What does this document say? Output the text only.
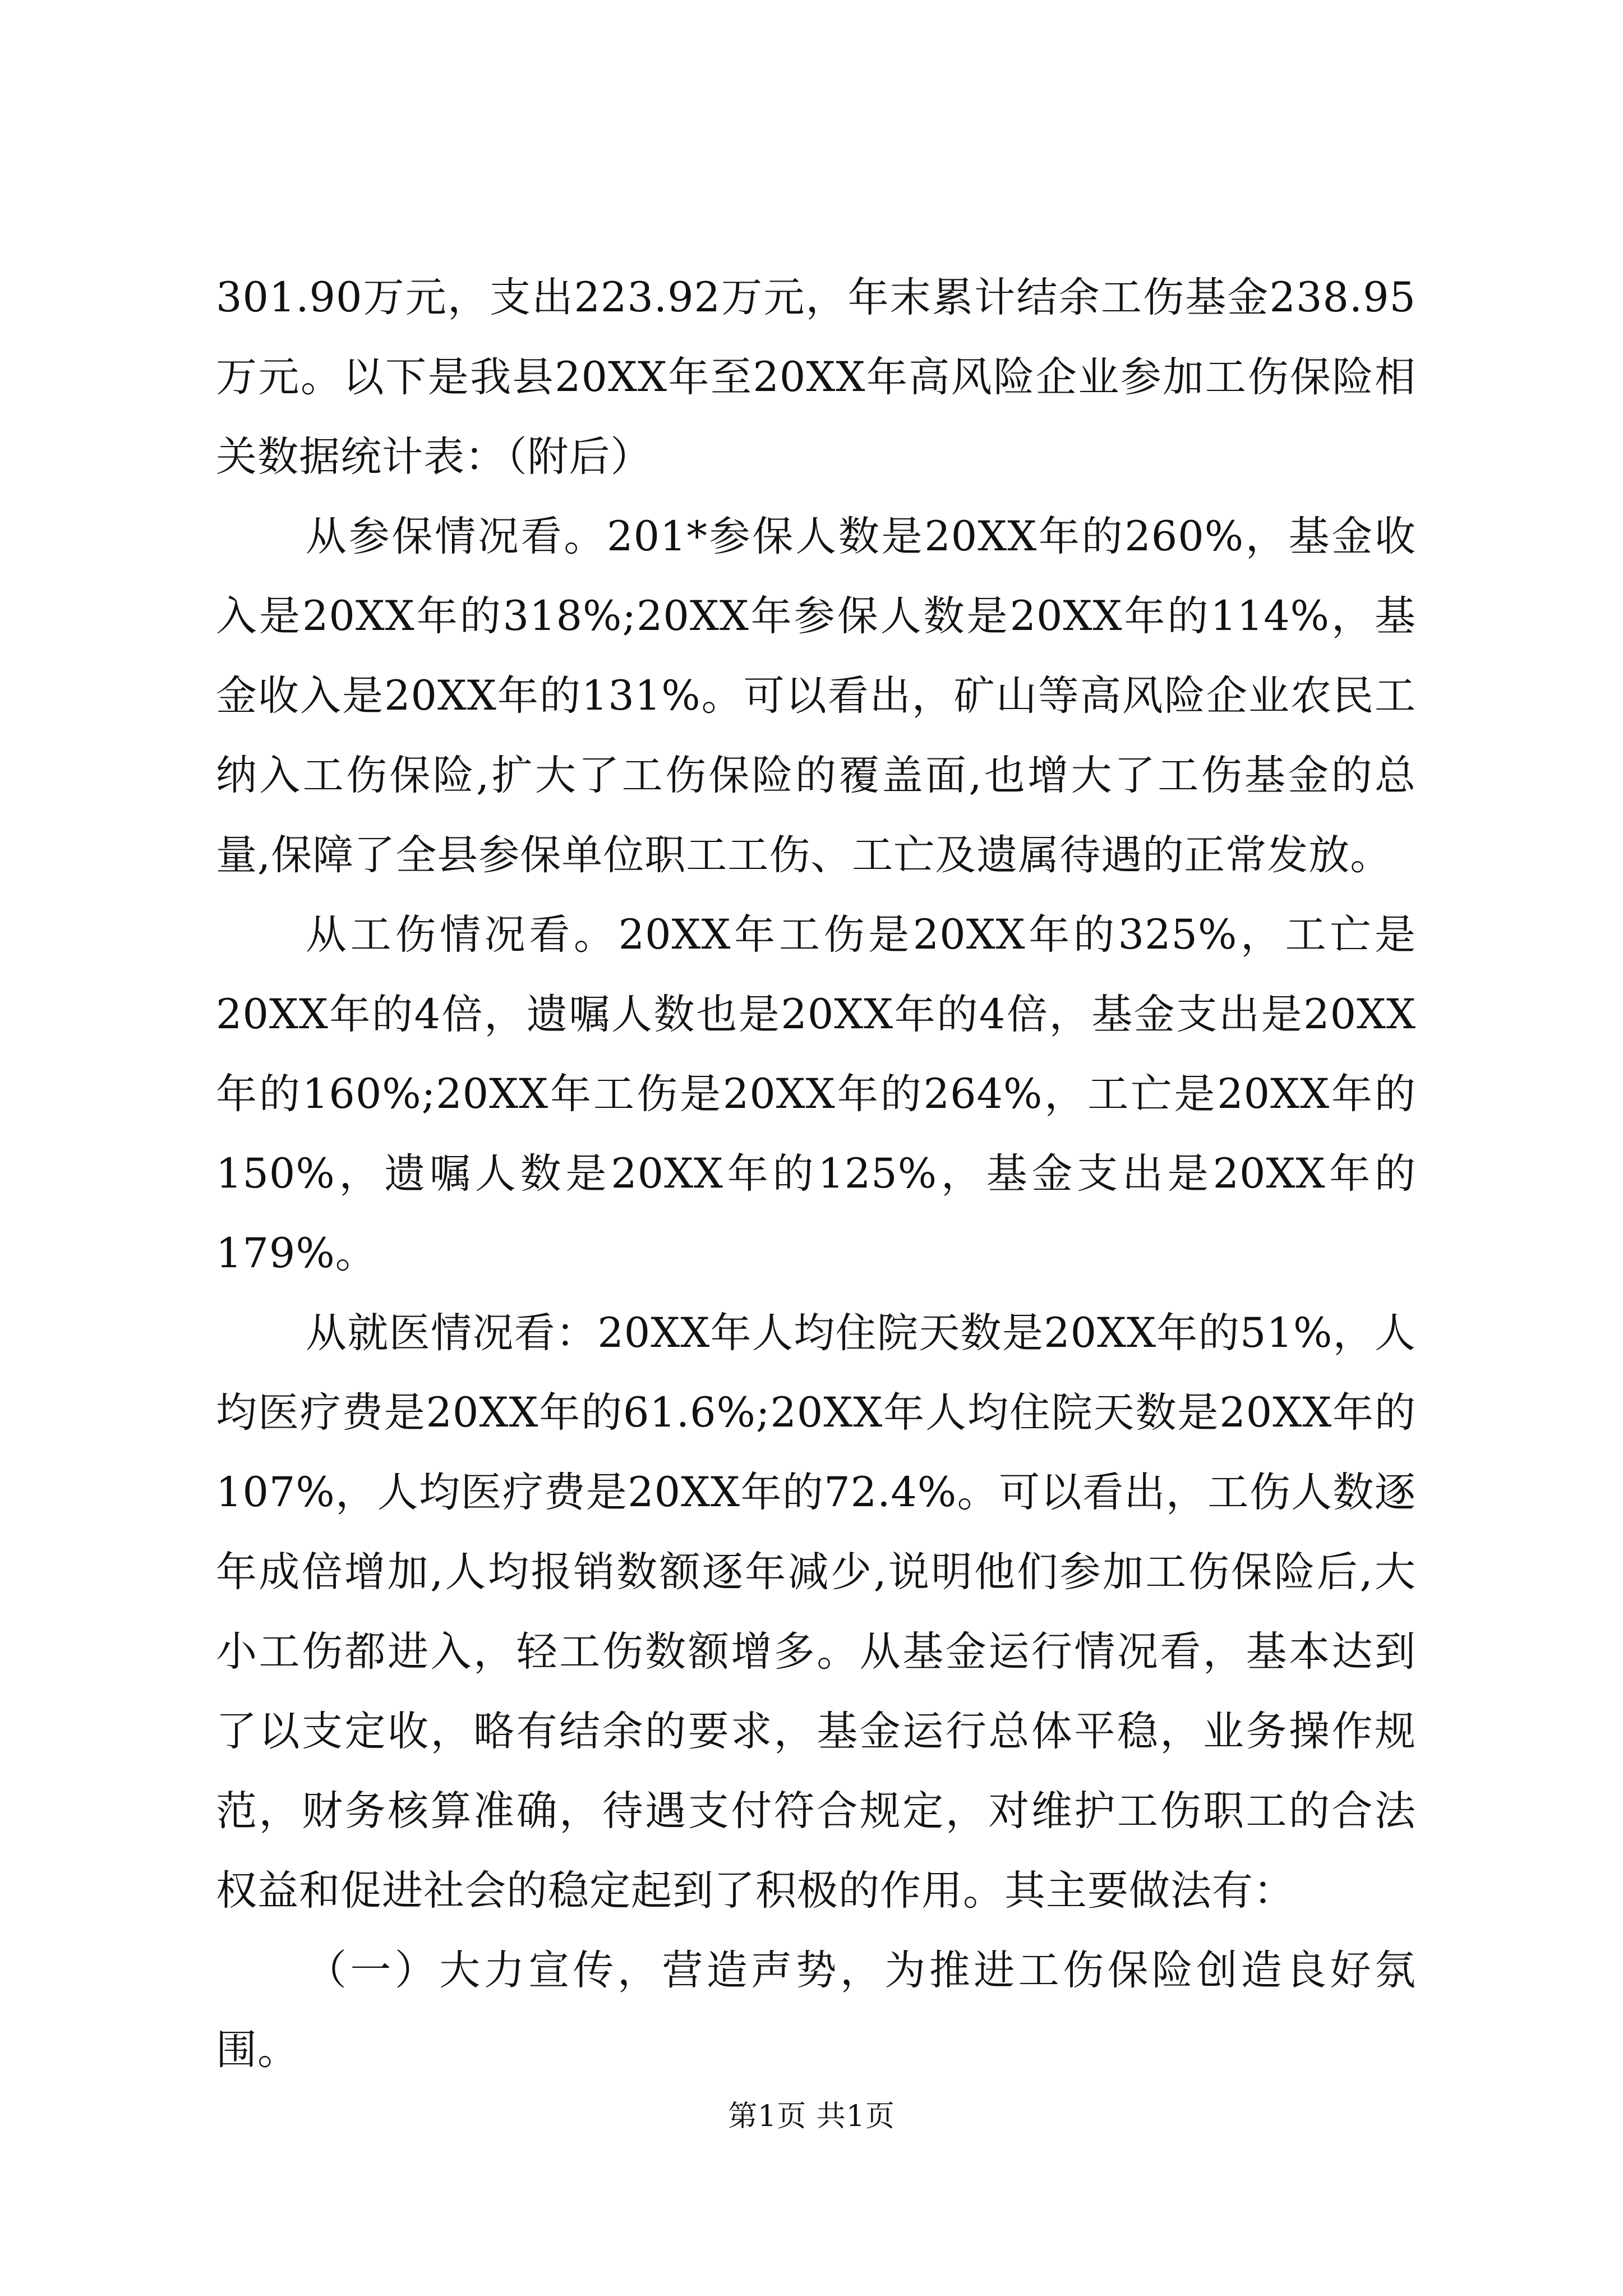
301.90万元，支出223.92万元，年末累计结余工伤基金238.95万元。以下是我县20XX年至20XX年高风险企业参加工伤保险相关数据统计表：（附后）

从参保情况看。201*参保人数是20XX年的260%，基金收入是20XX年的318%;20XX年参保人数是20XX年的114%，基金收入是20XX年的131%。可以看出，矿山等高风险企业农民工纳入工伤保险,扩大了工伤保险的覆盖面,也增大了工伤基金的总量,保障了全县参保单位职工工伤、工亡及遗属待遇的正常发放。

从工伤情况看。20XX年工伤是20XX年的325%，工亡是20XX年的4倍，遗嘱人数也是20XX年的4倍，基金支出是20XX年的160%;20XX年工伤是20XX年的264%，工亡是20XX年的150%，遗嘱人数是20XX年的125%，基金支出是20XX年的179%。

从就医情况看：20XX年人均住院天数是20XX年的51%，人均医疗费是20XX年的61.6%;20XX年人均住院天数是20XX年的107%，人均医疗费是20XX年的72.4%。可以看出，工伤人数逐年成倍增加,人均报销数额逐年减少,说明他们参加工伤保险后,大小工伤都进入，轻工伤数额增多。从基金运行情况看，基本达到了以支定收，略有结余的要求，基金运行总体平稳，业务操作规范，财务核算准确，待遇支付符合规定，对维护工伤职工的合法权益和促进社会的稳定起到了积极的作用。其主要做法有：

（一）大力宣传，营造声势，为推进工伤保险创造良好氛围。

第1页 共1页
